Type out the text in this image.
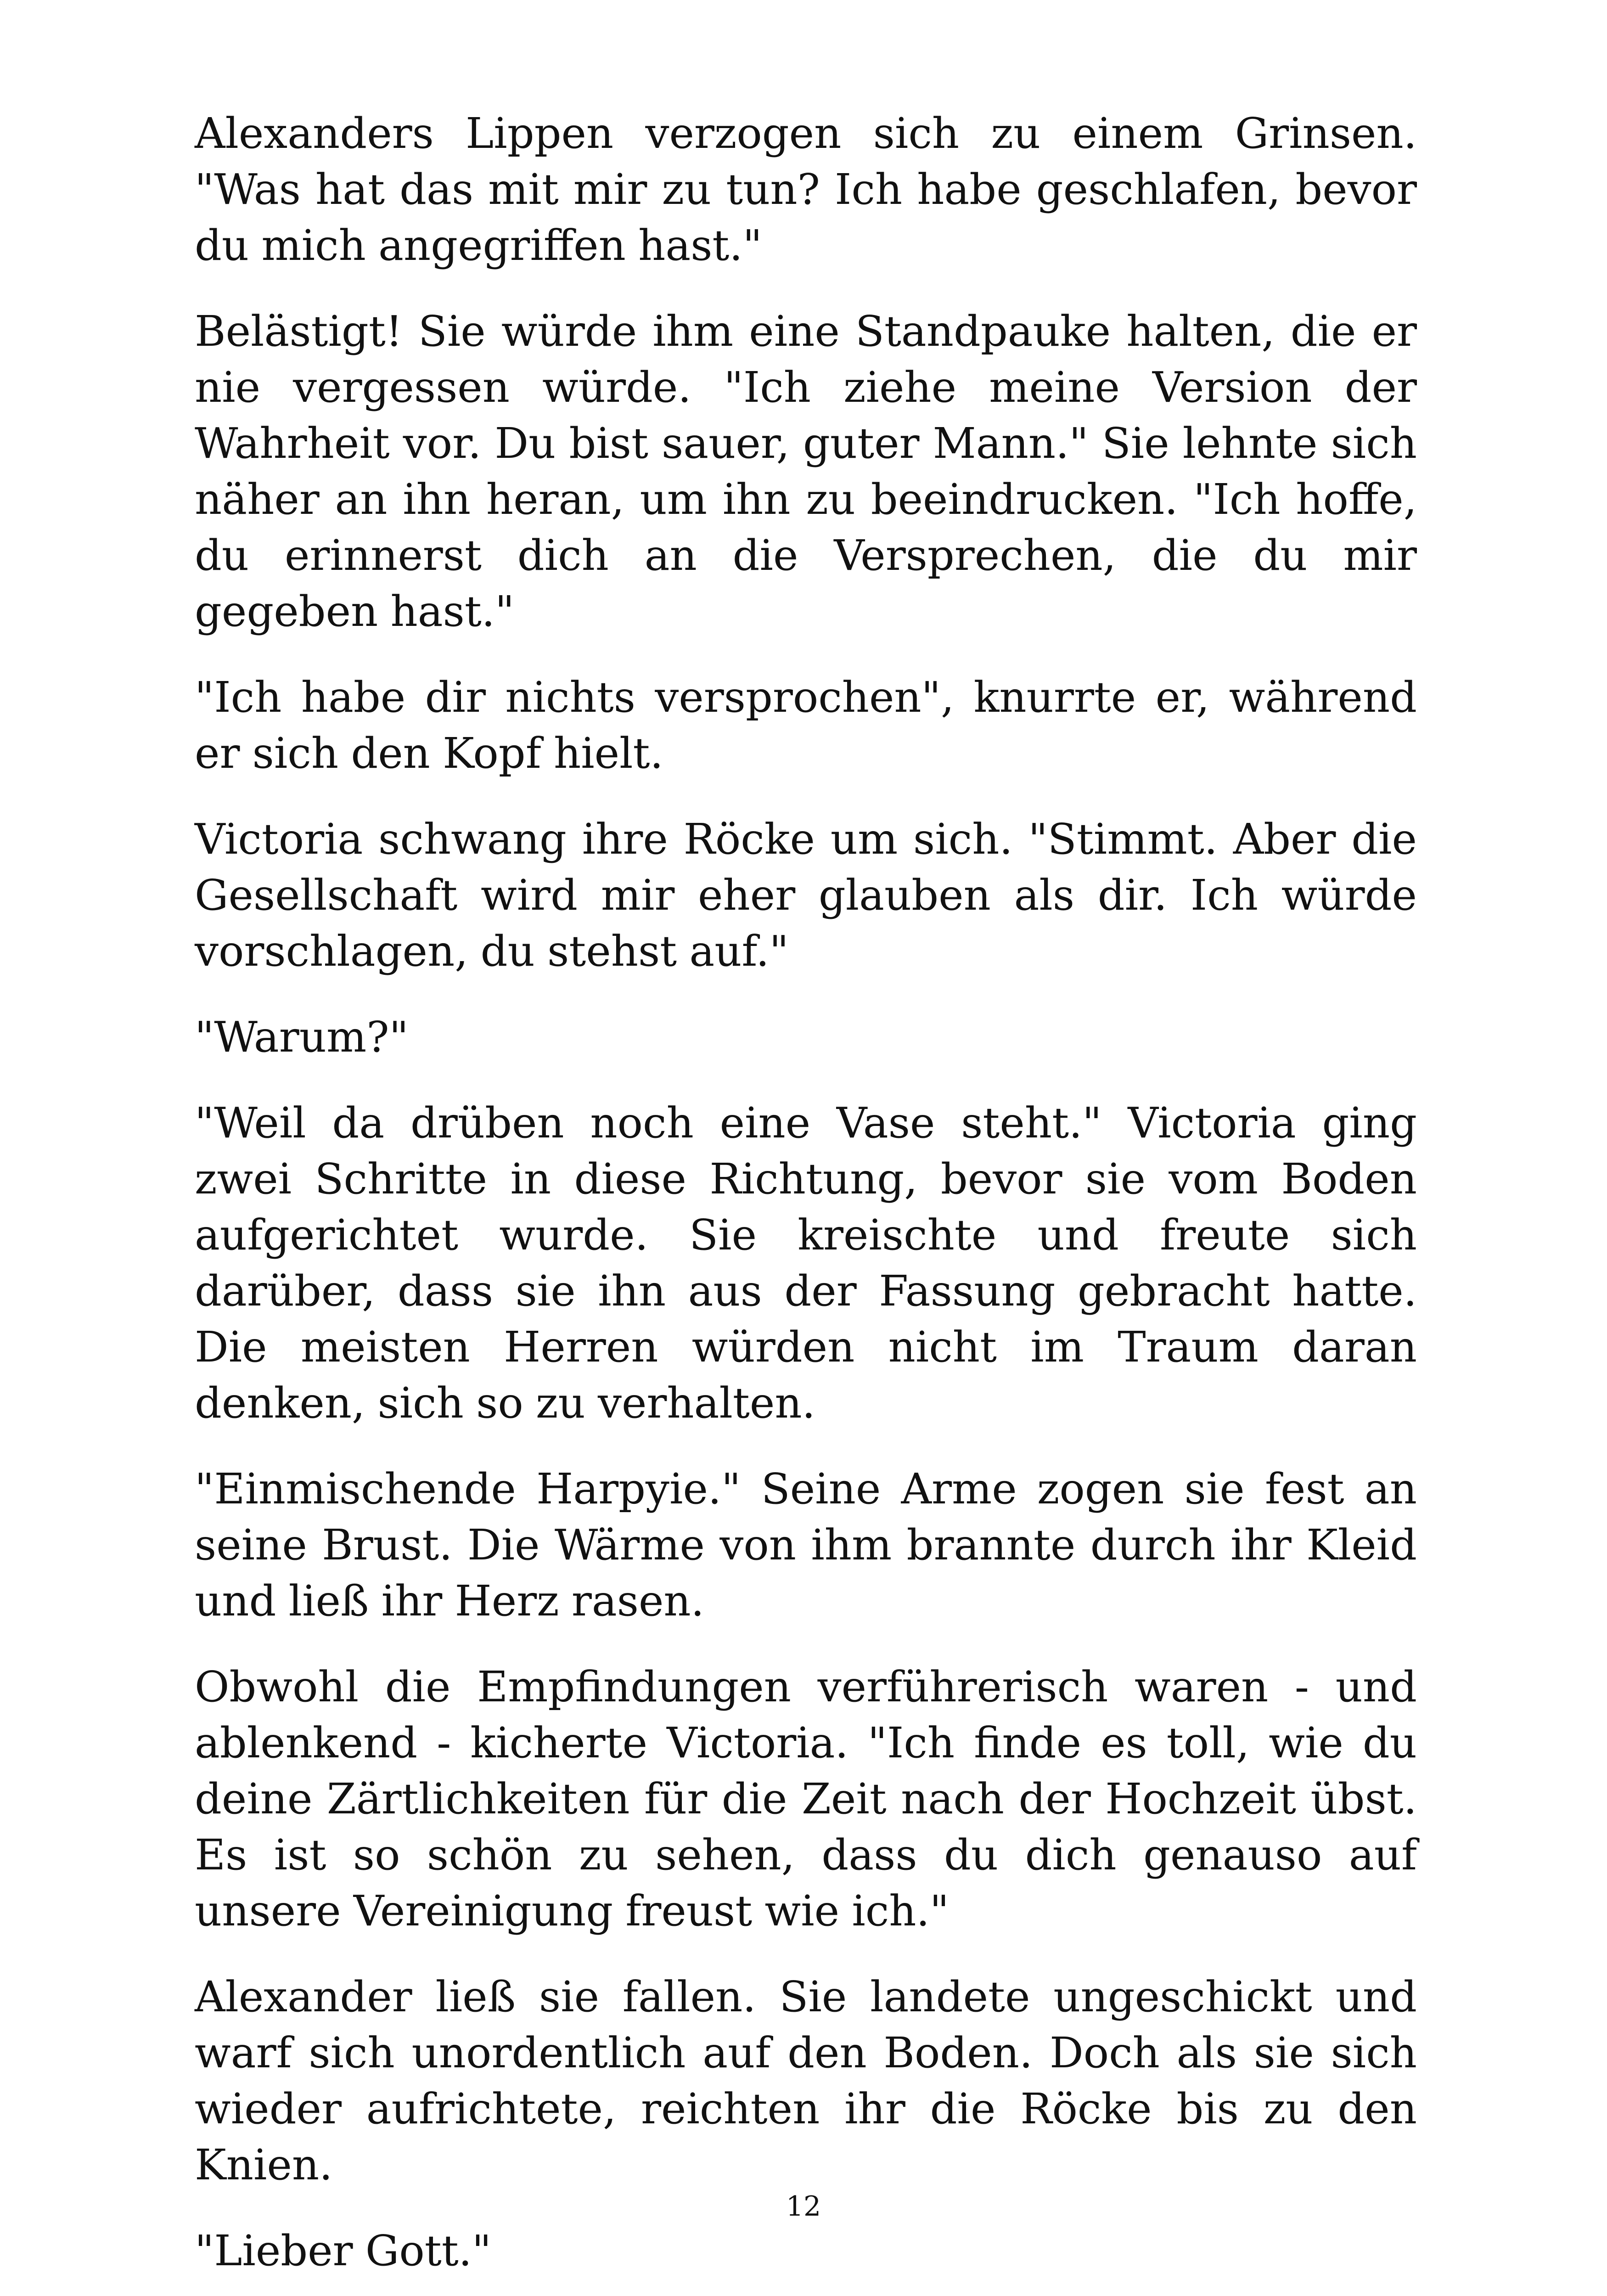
Alexanders Lippen verzogen sich zu einem Grinsen. "Was hat das mit mir zu tun? Ich habe geschlafen, bevor du mich angegriffen hast."

Belästigt! Sie würde ihm eine Standpauke halten, die er nie vergessen würde. "Ich ziehe meine Version der Wahrheit vor. Du bist sauer, guter Mann." Sie lehnte sich näher an ihn heran, um ihn zu beeindrucken. "Ich hoffe, du erinnerst dich an die Versprechen, die du mir gegeben hast."

"Ich habe dir nichts versprochen", knurrte er, während er sich den Kopf hielt.

Victoria schwang ihre Röcke um sich. "Stimmt. Aber die Gesellschaft wird mir eher glauben als dir. Ich würde vorschlagen, du stehst auf."

"Warum?"

"Weil da drüben noch eine Vase steht." Victoria ging zwei Schritte in diese Richtung, bevor sie vom Boden aufgerichtet wurde. Sie kreischte und freute sich darüber, dass sie ihn aus der Fassung gebracht hatte. Die meisten Herren würden nicht im Traum daran denken, sich so zu verhalten.

"Einmischende Harpyie." Seine Arme zogen sie fest an seine Brust. Die Wärme von ihm brannte durch ihr Kleid und ließ ihr Herz rasen.

Obwohl die Empfindungen verführerisch waren - und ablenkend - kicherte Victoria. "Ich finde es toll, wie du deine Zärtlichkeiten für die Zeit nach der Hochzeit übst. Es ist so schön zu sehen, dass du dich genauso auf unsere Vereinigung freust wie ich."

Alexander ließ sie fallen. Sie landete ungeschickt und warf sich unordentlich auf den Boden. Doch als sie sich wieder aufrichtete, reichten ihr die Röcke bis zu den Knien.

"Lieber Gott."

12
